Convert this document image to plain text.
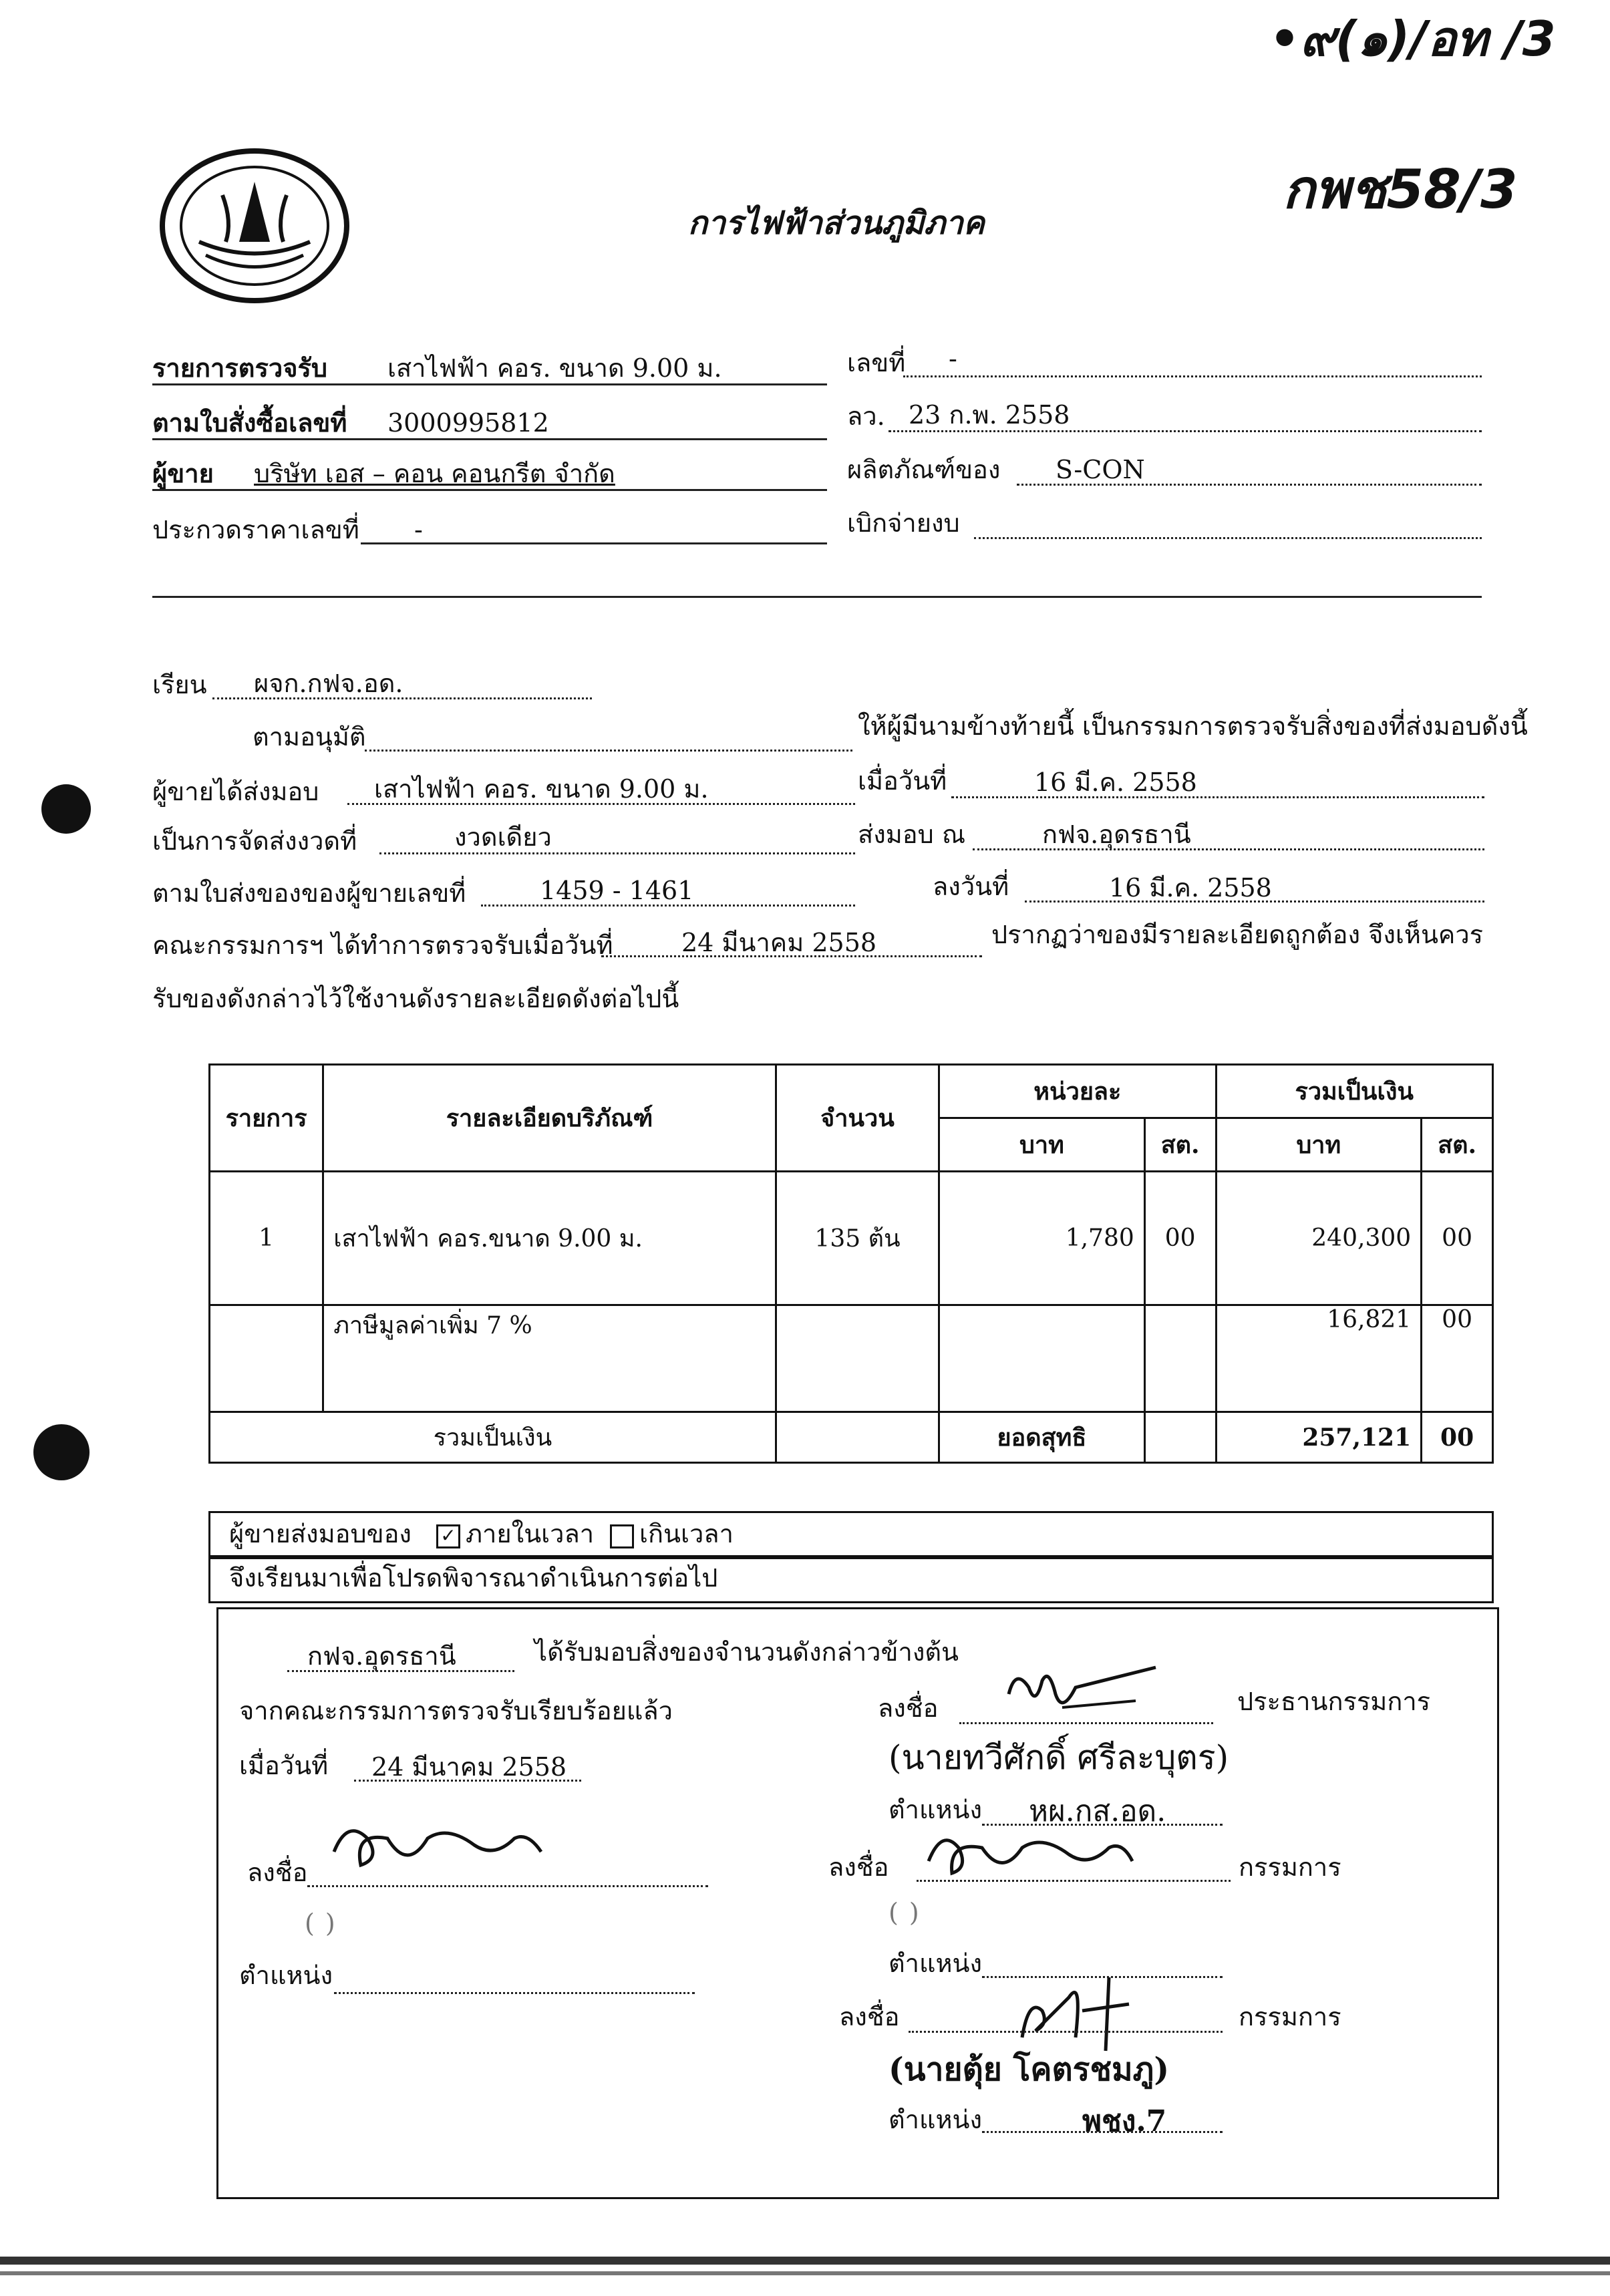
•๙(๑)/อท /3
กพช58/3
การไฟฟ้าส่วนภูมิภาค
รายการตรวจรับ เสาไฟฟ้า คอร. ขนาด 9.00 ม.
ตามใบสั่งซื้อเลขที่ 3000995812
ผู้ขาย บริษัท เอส – คอน คอนกรีต จำกัด
ประกวดราคาเลขที่ -
เลขที่ -
ลว. 23 ก.พ. 2558
ผลิตภัณฑ์ของ S-CON
เบิกจ่ายงบ
เรียน ผจก.กฟจ.อด.
ตามอนุมัติ	ให้ผู้มีนามข้างท้ายนี้ เป็นกรรมการตรวจรับสิ่งของที่ส่งมอบดังนี้
ผู้ขายได้ส่งมอบ เสาไฟฟ้า คอร. ขนาด 9.00 ม.	เมื่อวันที่	16 มี.ค. 2558
เป็นการจัดส่งงวดที่	งวดเดียว	ส่งมอบ ณ	กฟจ.อุดรธานี
ตามใบส่งของของผู้ขายเลขที่	1459 - 1461	ลงวันที่	16 มี.ค. 2558
คณะกรรมการฯ ได้ทำการตรวจรับเมื่อวันที่	24 มีนาคม 2558	ปรากฏว่าของมีรายละเอียดถูกต้อง จึงเห็นควร
รับของดังกล่าวไว้ใช้งานดังรายละเอียดดังต่อไปนี้
รายการ	รายละเอียดบริภัณฑ์	จำนวน	หน่วยละ		รวมเป็นเงิน	
			บาท	สต.	บาท	สต.
1	เสาไฟฟ้า คอร.ขนาด 9.00 ม.	135 ต้น	1,780	00	240,300	00
	ภาษีมูลค่าเพิ่ม 7 %				16,821	00
รวมเป็นเงิน			ยอดสุทธิ		257,121	00
ผู้ขายส่งมอบของ	✓ ภายในเวลา	เกินเวลา
จึงเรียนมาเพื่อโปรดพิจารณาดำเนินการต่อไป
กฟจ.อุดรธานี	ได้รับมอบสิ่งของจำนวนดังกล่าวข้างต้น
จากคณะกรรมการตรวจรับเรียบร้อยแล้ว
เมื่อวันที่ 24 มีนาคม 2558
ลงชื่อ
( )
ตำแหน่ง
ลงชื่อ	ประธานกรรมการ
(นายทวีศักดิ์ ศรีละบุตร)
ตำแหน่ง หผ.กส.อด.
ลงชื่อ	กรรมการ
( )
ตำแหน่ง
ลงชื่อ	กรรมการ
(นายตุ้ย โคตรชมภู)
ตำแหน่ง	พชง.7
